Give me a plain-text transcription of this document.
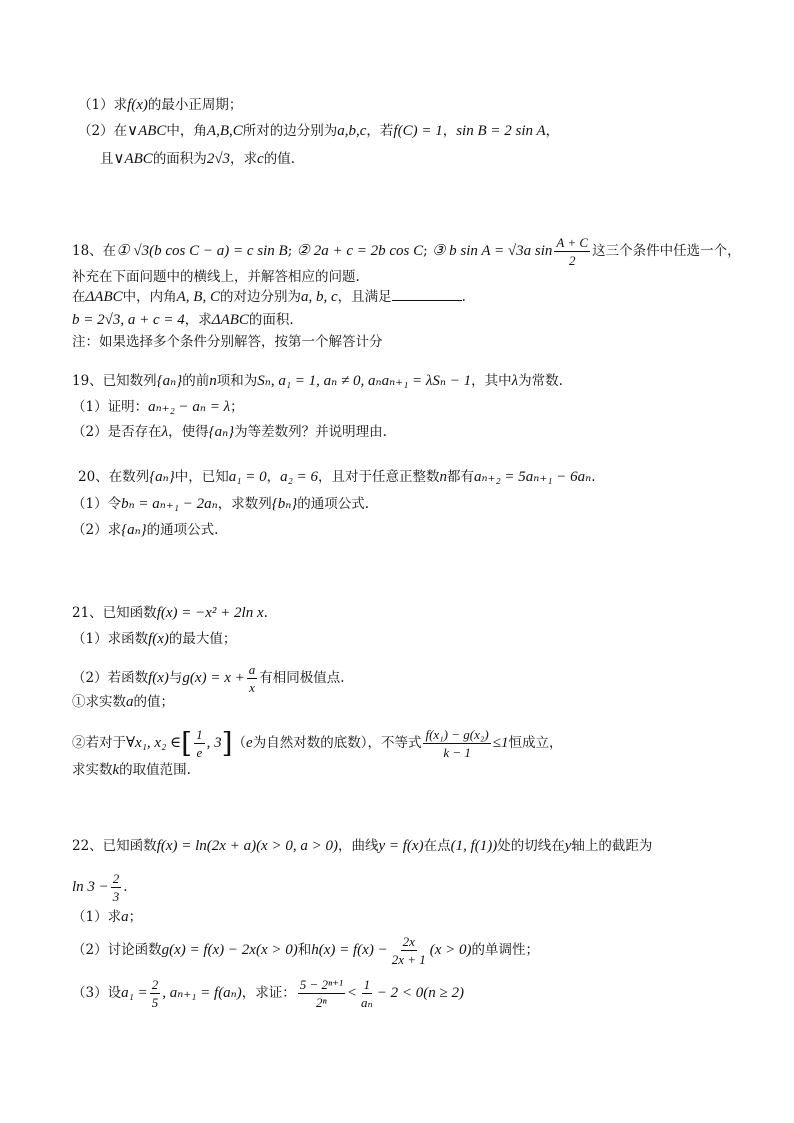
（1）求f(x)的最小正周期；
（2）在∨ABC中，角A,B,C所对的边分别为a,b,c，若f(C) = 1，sin B = 2 sin A，
且∨ABC的面积为2√3，求c的值.
18、在① √3(b cos C − a) = c sin B; ② 2a + c = 2b cos C; ③ b sin A = √3a $\sin \frac{A + C}{2}$ 这三个条件中任选一个，
补充在下面问题中的横线上，并解答相应的问题.
在ΔABC中，内角A, B, C的对边分别为a, b, c，且满足	.
b = 2√3, a + c = 4，求ΔABC的面积.
注：如果选择多个条件分别解答，按第一个解答计分
19、已知数列{aₙ}的前n项和为Sₙ, a₁ = 1, aₙ ≠ 0, aₙaₙ₊₁ = λSₙ − 1，其中λ为常数.
（1）证明：aₙ₊₂ − aₙ = λ；
（2）是否存在λ，使得{aₙ}为等差数列？并说明理由.
20、在数列{aₙ}中，已知a₁ = 0，a₂ = 6，且对于任意正整数n都有aₙ₊₂ = 5aₙ₊₁ − 6aₙ.
（1）令bₙ = aₙ₊₁ − 2aₙ，求数列{bₙ}的通项公式.
（2）求{aₙ}的通项公式.
21、已知函数f(x) = −x² + 2ln x.
（1）求函数f(x)的最大值；
（2）若函数f(x)与$g(x) = x + \frac{a}{x}$ 有相同极值点.
①求实数a的值；
②若对于∀x₁, x₂ ∈[ $\frac{1}{e}$ , 3]（e为自然对数的底数），不等式 $\frac{\text{f(x₁) − g(x₂)}}{k - 1} \le 1$恒成立，
求实数k的取值范围.
22、已知函数f(x) = ln(2x + a)(x > 0, a > 0)，曲线y = f(x)在点(1, f(1))处的切线在y轴上的截距为
$\ln 3 - \frac{2}{3}$ .
（1）求a；
（2）讨论函数g(x) = f(x) − 2x(x > 0)和$h(x) = f(x) - \frac{2x}{2x + 1} (x > 0)$的单调性；
（3）设$a_1 = \frac{2}{5}$ , aₙ₊₁ = f(aₙ)，求证： $\frac{\text{5 − 2ⁿ⁺¹}}{\text{2ⁿ}} < \frac{1}{\text{aₙ}} - 2 < 0(n \ge 2)$
